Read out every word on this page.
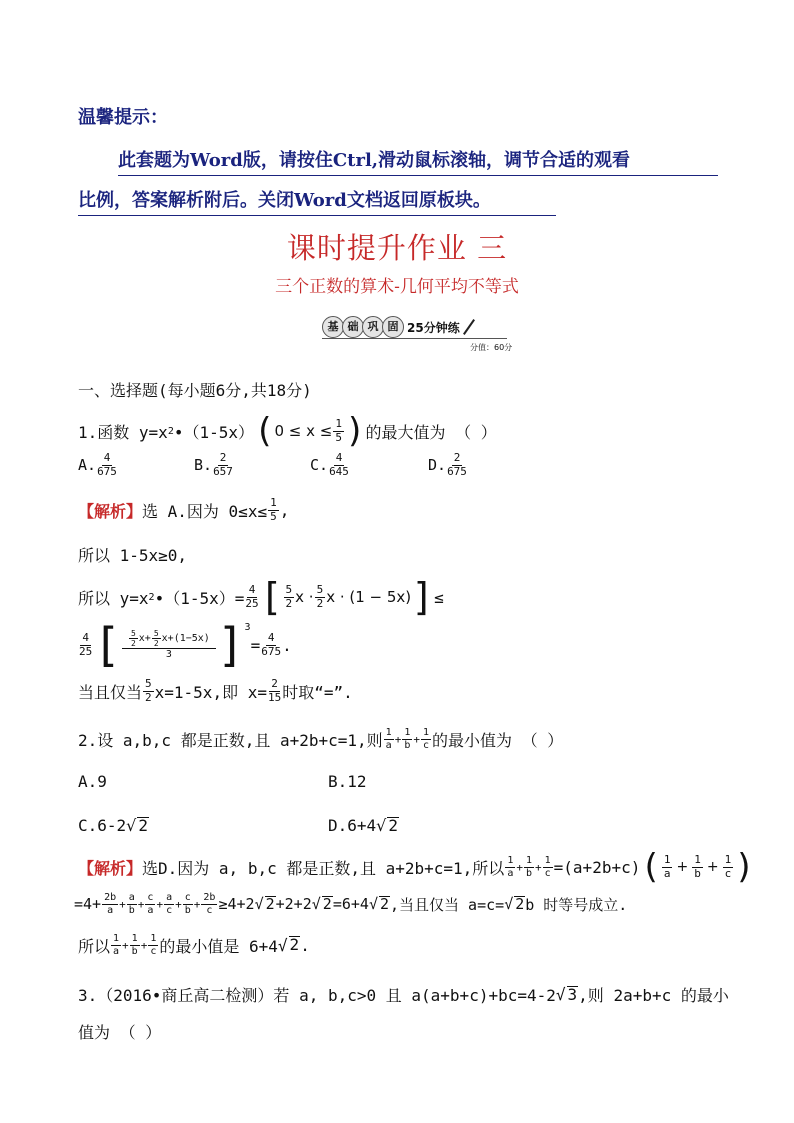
温馨提示：
此套题为Word版，请按住Ctrl,滑动鼠标滚轴，调节合适的观看
比例，答案解析附后。关闭Word文档返回原板块。
课时提升作业 三
三个正数的算术-几何平均不等式
基 础 巩 固 25分钟练
分值：60分
一、选择题(每小题6分,共18分)
1.函数 y=x 2 •（1-5x） ( $0 \le x \le \frac{1}{5}$ ) 的最大值为 （ ）
A. $\frac{4}{675}$	B. $\frac{2}{657}$	C. $\frac{4}{645}$	D. $\frac{2}{675}$
【解析】 选 A.因为 $0\le x\le \frac{1}{5}$ ,
所以 1-5x≥0,
所以 y=x 2 •（1-5x）= $\frac{4}{25}$ [ $\frac{5}{2}$ $x \cdot \frac{5}{2}$ x · (1 − 5x) ] ≤
$\frac{4}{25}$ [ $\frac{\frac{5}{2} x+ \frac{5}{2} x+(1-5x)}{3} ]^3$
= $\frac{4}{675}$ .
当且仅当 $\frac{5}{2} x=1-5x$,即 $x= \frac{2}{15}$ 时取“=”.
2.设 a,b,c 都是正数,且 a+2b+c=1,则 $\frac{1}{a} + \frac{1}{b} + \frac{1}{c}$ 的最小值为 （ ）
A.9	B.12
C.6-2√ 2	D.6+4√ 2
【解析】 选D.因为 a, b,c 都是正数,且 a+2b+c=1,所以 $\frac{1}{a} + \frac{1}{b} + \frac{1}{c} =(a+2b+c)$ ( $\frac{1}{a} + \frac{1}{b} + \frac{1}{c}$ )
$=4+ \frac{2b}{a} + \frac{a}{b} + \frac{c}{a} + \frac{a}{c} + \frac{c}{b} + \frac{2b}{c} \ge 4+2$ √ 2 +2+2 √ 2 =6+4 √ 2 ,当且仅当 a=c= √ 2 b 时等号成立.
所以 $\frac{1}{a} + \frac{1}{b} + \frac{1}{c}$ 的最小值是 6+4 √ 2 .
3.（2016•商丘高二检测）若 a, b,c>0 且 a(a+b+c)+bc=4-2 √ 3 ,则 2a+b+c 的最小
值为 （ ）
